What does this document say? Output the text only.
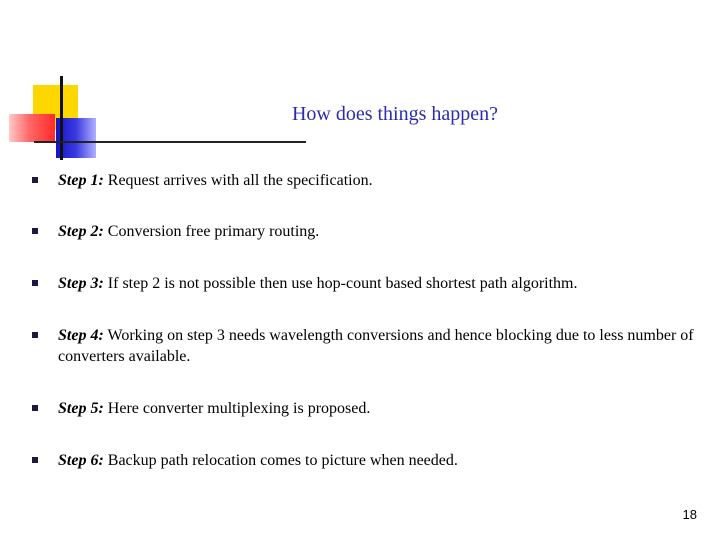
How does things happen?
Step 1: Request arrives with all the specification.
Step 2: Conversion free primary routing.
Step 3: If step 2 is not possible then use hop-count based shortest path algorithm.
Step 4: Working on step 3 needs wavelength conversions and hence blocking due to less number of converters available.
Step 5: Here converter multiplexing is proposed.
Step 6: Backup path relocation comes to picture when needed.
18
